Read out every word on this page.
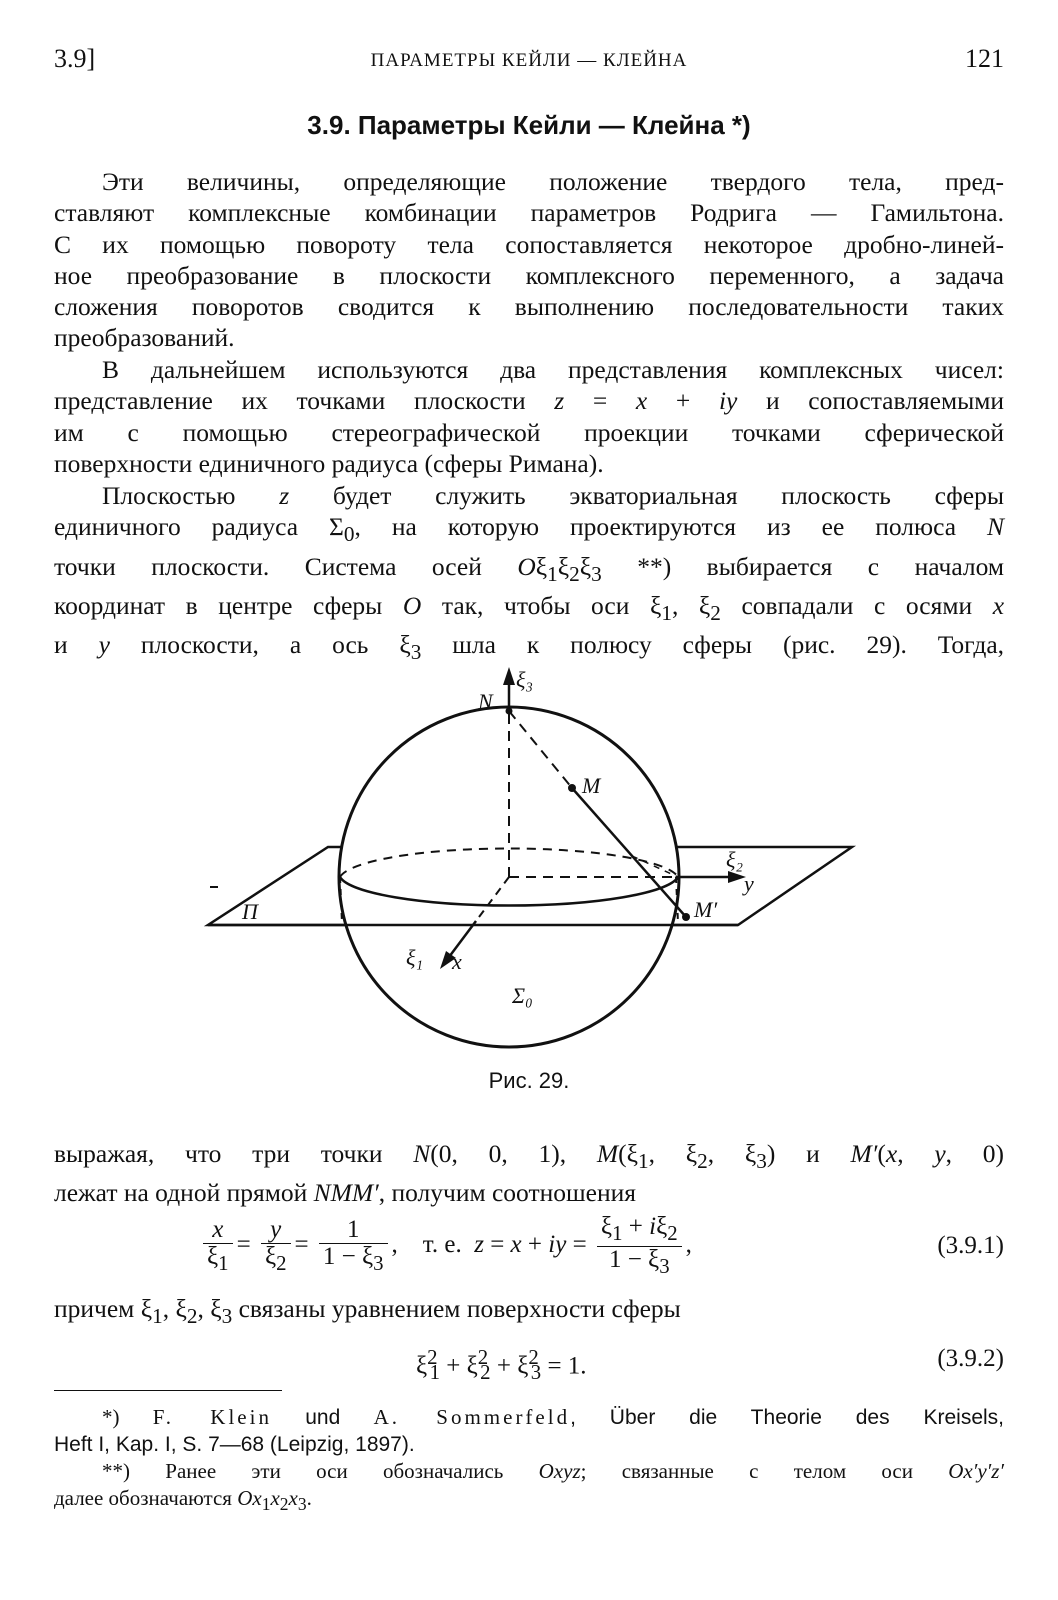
3.9]	ПАРАМЕТРЫ КЕЙЛИ — КЛЕЙНА	121
3.9. Параметры Кейли — Клейна *)

Эти величины, определяющие положение твердого тела, пред-
ставляют комплексные комбинации параметров Родрига — Гамильтона.
С их помощью повороту тела сопоставляется некоторое дробно-линей-
ное преобразование в плоскости комплексного переменного, а задача
сложения поворотов сводится к выполнению последовательности таких
преобразований.

В дальнейшем используются два представления комплексных чисел:
представление их точками плоскости z = x + iy и сопоставляемыми
им с помощью стереографической проекции точками сферической
поверхности единичного радиуса (сферы Римана).

Плоскостью z будет служить экваториальная плоскость сферы
единичного радиуса $\Sigma_0$, на которую проектируются из ее полюса N
точки плоскости. Система осей $O\xi_1\xi_2\xi_3$ **) выбирается с началом
координат в центре сферы O так, чтобы оси $\xi_1$, $\xi_2$ совпадали с осями x
и y плоскости, а ось $\xi_3$ шла к полюсу сферы (рис. 29). Тогда,

N
ξ₃
M
ξ₂
y
M′
П
ξ₁ x
Σ₀
Рис. 29.

выражая, что три точки N(0, 0, 1), $M(\xi_1$, $\xi_2$, $\xi_3$) и M′(x, y, 0)
лежат на одной прямой NMM′, получим соотношения

$\frac{x}{\xi_1} = \frac{y}{\xi_2} = \frac{1}{1 - \xi_3}$ ,    т. е. z = x + iy = $\frac{\xi_1 + i\xi_2}{1 - \xi_3}$ ,	(3.9.1)
причем $\xi_1$, $\xi_2$, $\xi_3$ связаны уравнением поверхности сферы
$\xi^2_1 + \xi^2_2 + \xi^2_3 = 1$.	(3.9.2)

*) F. Klein und A. Sommerfeld, Über die Theorie des Kreisels,
Heft I, Kap. I, S. 7—68 (Leipzig, 1897).

**) Ранее эти оси обозначались Oxyz; связанные с телом оси Ox′y′z′
далее обозначаются $Ox_1x_2x_3$.
